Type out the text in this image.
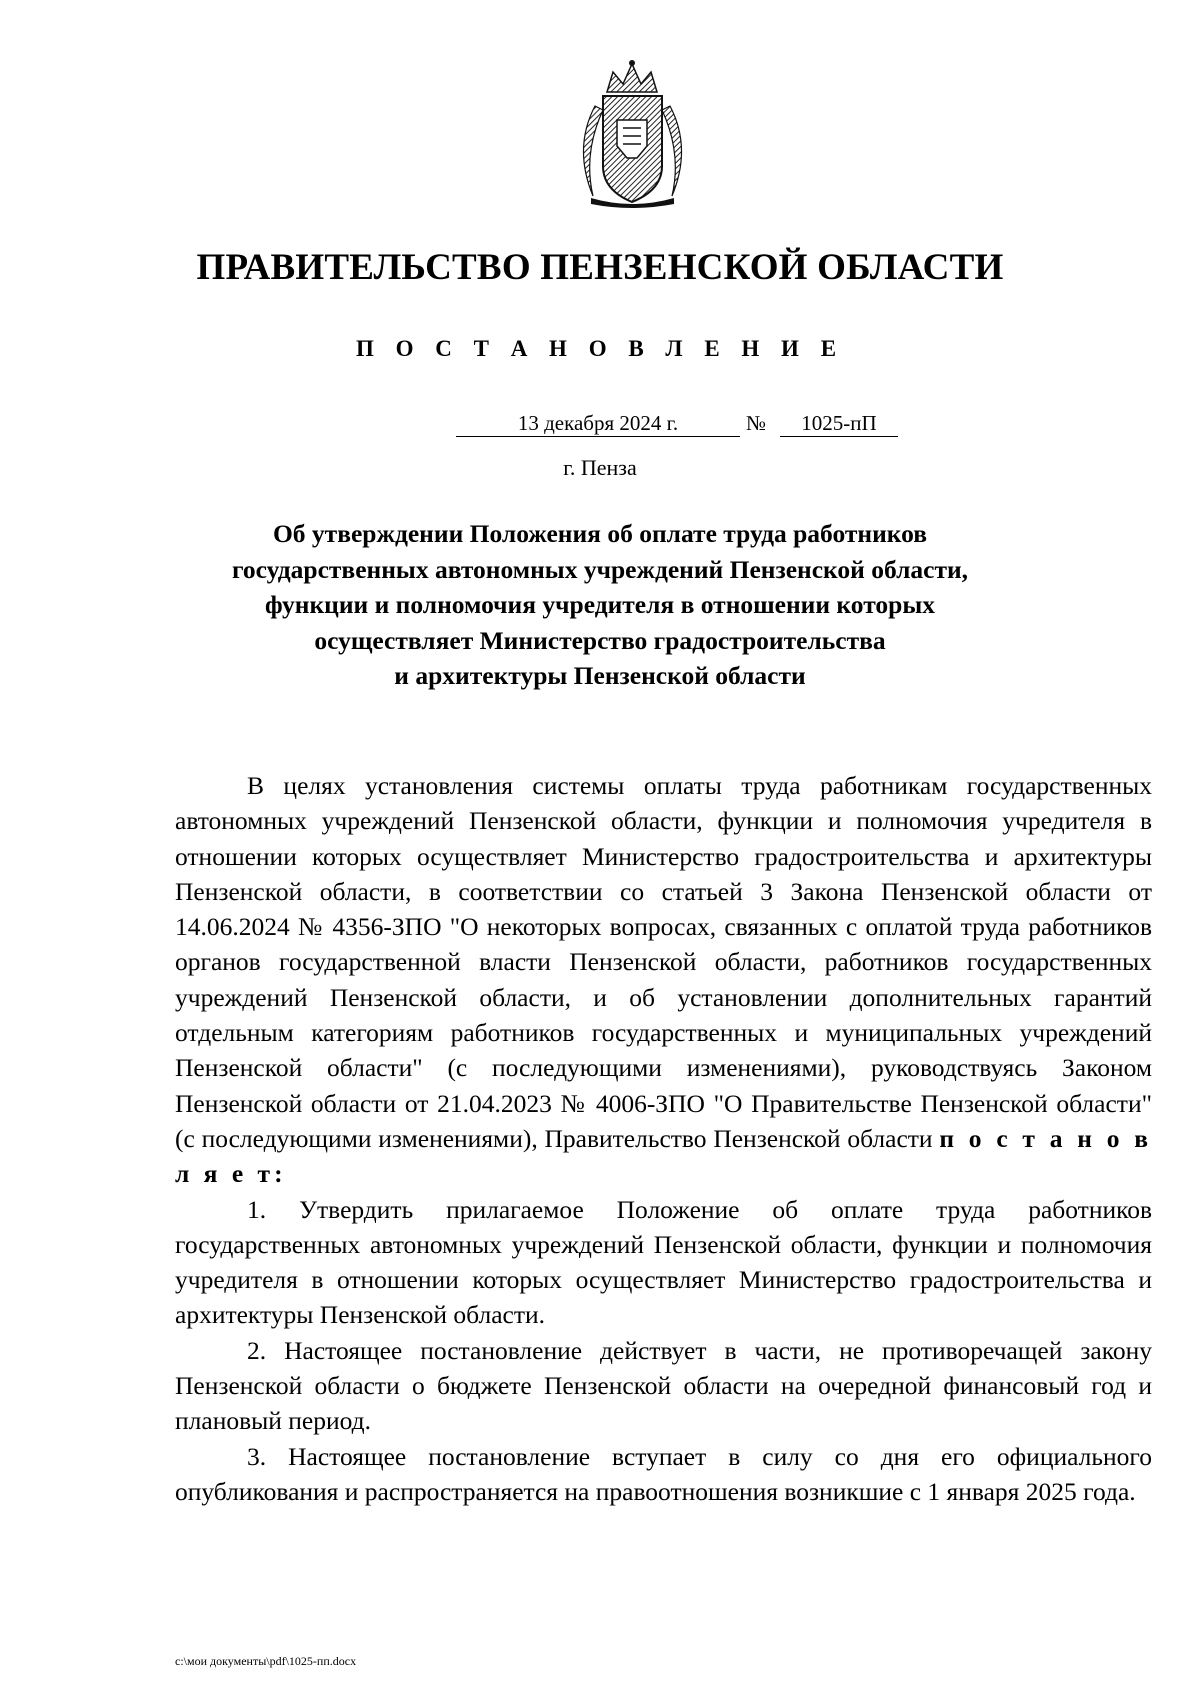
ПРАВИТЕЛЬСТВО ПЕНЗЕНСКОЙ ОБЛАСТИ
П О С Т А Н О В Л Е Н И Е
13 декабря 2024 г.	№	1025-пП

г. Пенза

Об утверждении Положения об оплате труда работников
государственных автономных учреждений Пензенской области,
функции и полномочия учредителя в отношении которых
осуществляет Министерство градостроительства
и архитектуры Пензенской области

В целях установления системы оплаты труда работникам государственных автономных учреждений Пензенской области, функции и полномочия учредителя в отношении которых осуществляет Министерство градостроительства и архитектуры Пензенской области, в соответствии со статьей 3 Закона Пензенской области от 14.06.2024 № 4356-ЗПО "О некоторых вопросах, связанных с оплатой труда работников органов государственной власти Пензенской области, работников государственных учреждений Пензенской области, и об установлении дополнительных гарантий отдельным категориям работников государственных и муниципальных учреждений Пензенской области" (с последующими изменениями), руководствуясь Законом Пензенской области от 21.04.2023 № 4006-ЗПО "О Правительстве Пензенской области" (с последующими изменениями), Правительство Пензенской области п о с т а н о в л я е т:

1. Утвердить прилагаемое Положение об оплате труда работников государственных автономных учреждений Пензенской области, функции и полномочия учредителя в отношении которых осуществляет Министерство градостроительства и архитектуры Пензенской области.

2. Настоящее постановление действует в части, не противоречащей закону Пензенской области о бюджете Пензенской области на очередной финансовый год и плановый период.

3. Настоящее постановление вступает в силу со дня его официального опубликования и распространяется на правоотношения возникшие с 1 января 2025 года.

c:\мои документы\pdf\1025-пп.docx
